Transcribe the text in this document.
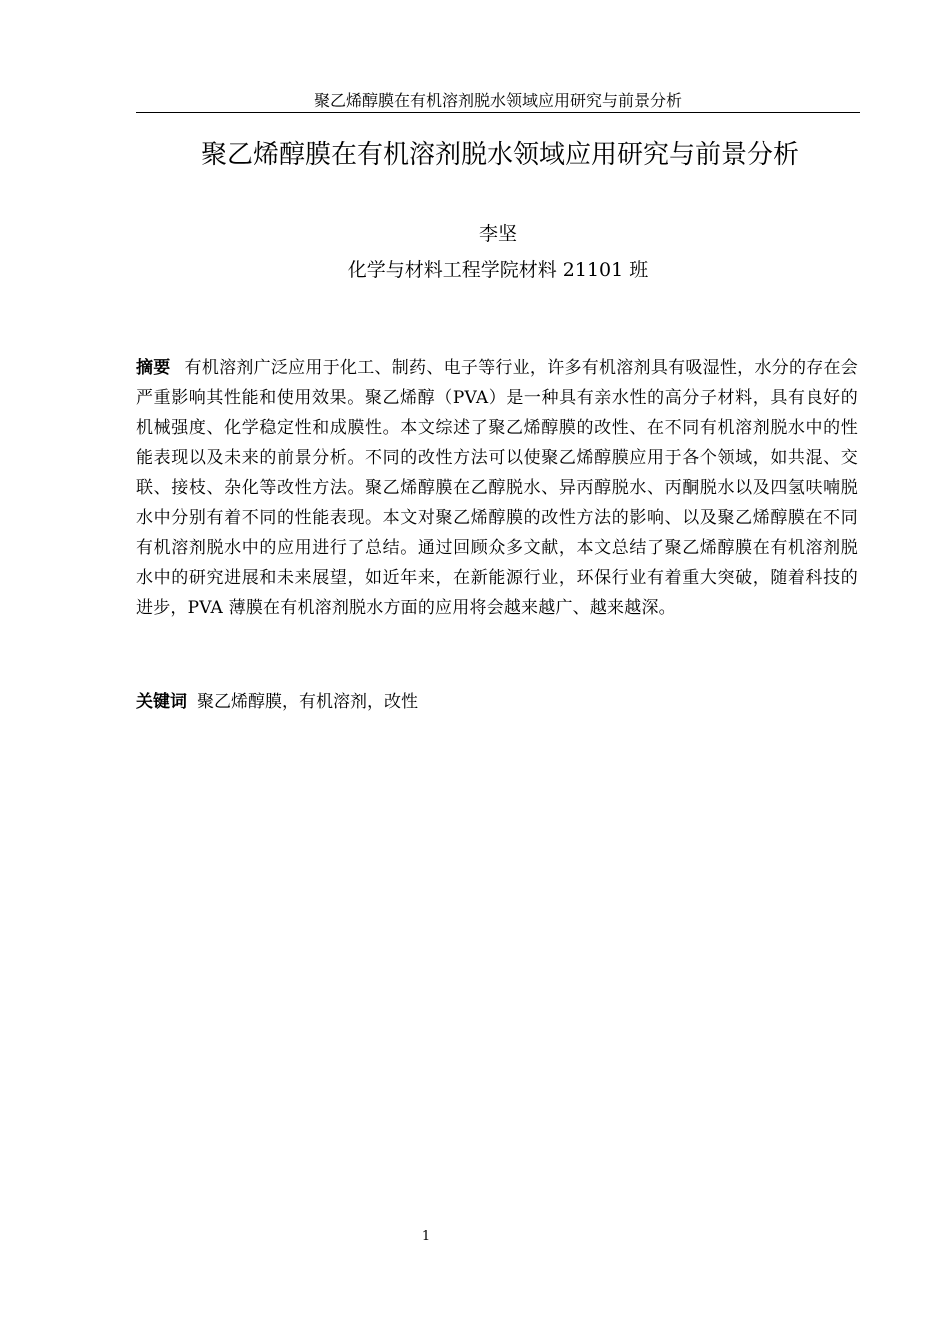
聚乙烯醇膜在有机溶剂脱水领域应用研究与前景分析
聚乙烯醇膜在有机溶剂脱水领域应用研究与前景分析
李坚
化学与材料工程学院材料 21101 班
摘要 有机溶剂广泛应用于化工、制药、电子等行业，许多有机溶剂具有吸湿性，水分的存在会严重影响其性能和使用效果。聚乙烯醇（PVA）是一种具有亲水性的高分子材料，具有良好的机械强度、化学稳定性和成膜性。本文综述了聚乙烯醇膜的改性、在不同有机溶剂脱水中的性能表现以及未来的前景分析。不同的改性方法可以使聚乙烯醇膜应用于各个领域，如共混、交联、接枝、杂化等改性方法。聚乙烯醇膜在乙醇脱水、异丙醇脱水、丙酮脱水以及四氢呋喃脱水中分别有着不同的性能表现。本文对聚乙烯醇膜的改性方法的影响、以及聚乙烯醇膜在不同有机溶剂脱水中的应用进行了总结。通过回顾众多文献，本文总结了聚乙烯醇膜在有机溶剂脱水中的研究进展和未来展望，如近年来，在新能源行业，环保行业有着重大突破，随着科技的进步，PVA 薄膜在有机溶剂脱水方面的应用将会越来越广、越来越深。
关键词 聚乙烯醇膜，有机溶剂，改性
1
